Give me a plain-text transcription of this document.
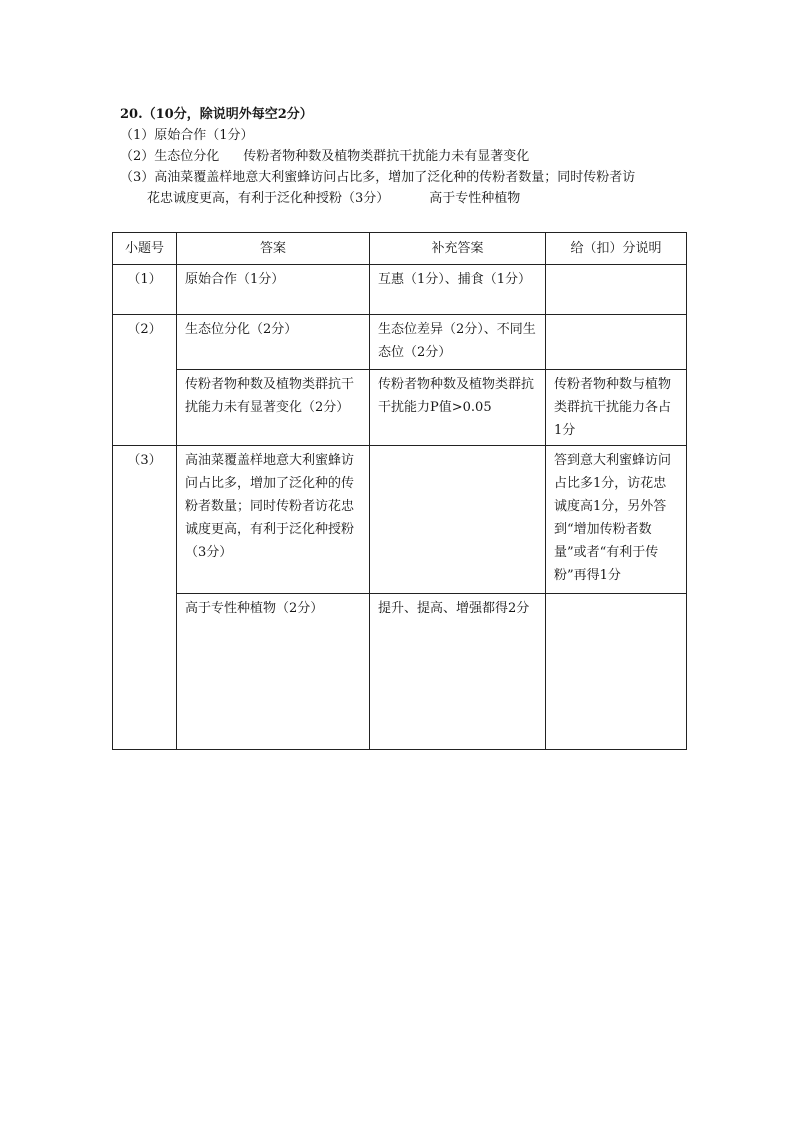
20.（10分，除说明外每空2分）
（1）原始合作（1分）
（2）生态位分化 传粉者物种数及植物类群抗干扰能力未有显著变化
（3）高油菜覆盖样地意大利蜜蜂访问占比多，增加了泛化种的传粉者数量；同时传粉者访
花忠诚度更高，有利于泛化种授粉（3分）	高于专性种植物
小题号	答案	补充答案	给（扣）分说明
（1）	原始合作（1分）	互惠（1分）、捕食（1分）	
（2）	生态位分化（2分）	生态位差异（2分）、不同生态位（2分）	
	传粉者物种数及植物类群抗干扰能力未有显著变化（2分）	传粉者物种数及植物类群抗干扰能力P值>0.05	传粉者物种数与植物类群抗干扰能力各占1分
（3）	高油菜覆盖样地意大利蜜蜂访问占比多，增加了泛化种的传粉者数量；同时传粉者访花忠诚度更高，有利于泛化种授粉（3分）		答到意大利蜜蜂访问占比多1分，访花忠诚度高1分，另外答到“增加传粉者数量”或者“有利于传粉”再得1分
	高于专性种植物（2分）	提升、提高、增强都得2分	
